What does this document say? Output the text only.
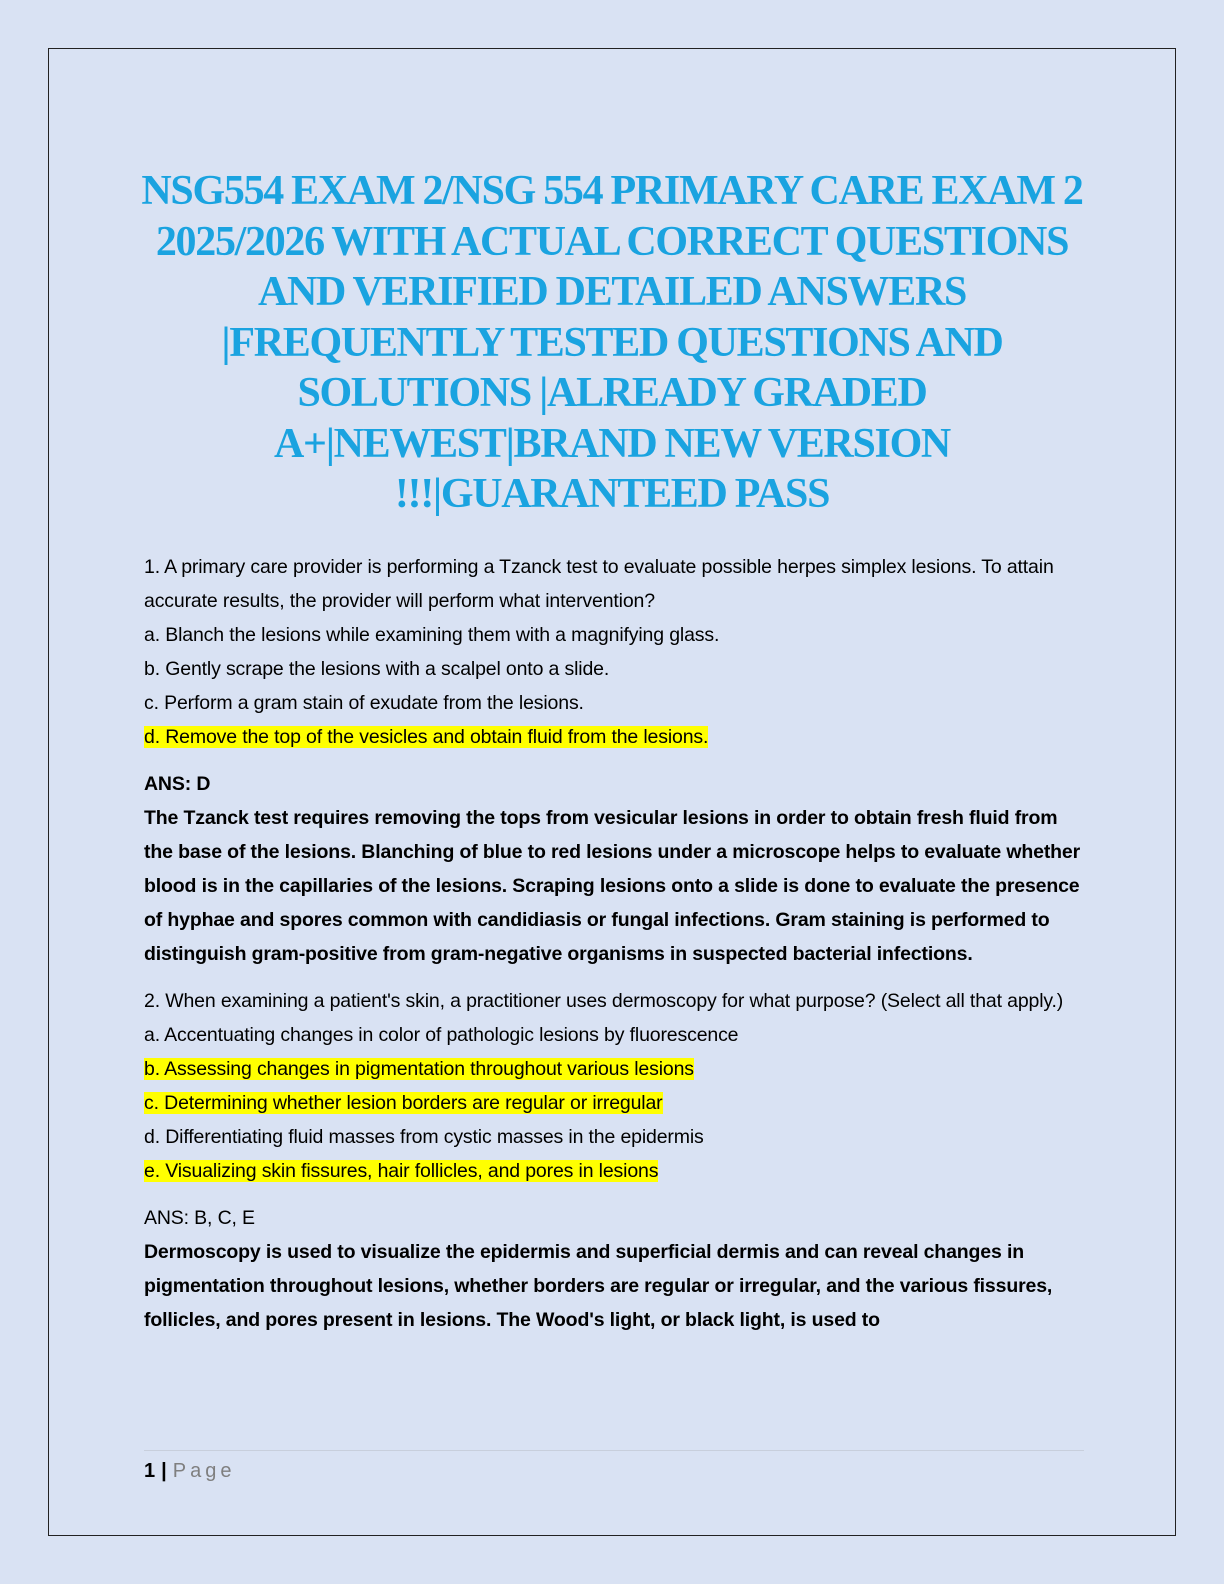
NSG554 EXAM 2/NSG 554 PRIMARY CARE EXAM 2 2025/2026 WITH ACTUAL CORRECT QUESTIONS AND VERIFIED DETAILED ANSWERS |FREQUENTLY TESTED QUESTIONS AND SOLUTIONS |ALREADY GRADED A+|NEWEST|BRAND NEW VERSION !!!|GUARANTEED PASS

1. A primary care provider is performing a Tzanck test to evaluate possible herpes simplex lesions. To attain accurate results, the provider will perform what intervention?

a. Blanch the lesions while examining them with a magnifying glass.

b. Gently scrape the lesions with a scalpel onto a slide.

c. Perform a gram stain of exudate from the lesions.

d. Remove the top of the vesicles and obtain fluid from the lesions.

ANS: D

The Tzanck test requires removing the tops from vesicular lesions in order to obtain fresh fluid from the base of the lesions. Blanching of blue to red lesions under a microscope helps to evaluate whether blood is in the capillaries of the lesions. Scraping lesions onto a slide is done to evaluate the presence of hyphae and spores common with candidiasis or fungal infections. Gram staining is performed to distinguish gram-positive from gram-negative organisms in suspected bacterial infections.

2. When examining a patient's skin, a practitioner uses dermoscopy for what purpose? (Select all that apply.)

a. Accentuating changes in color of pathologic lesions by fluorescence

b. Assessing changes in pigmentation throughout various lesions

c. Determining whether lesion borders are regular or irregular

d. Differentiating fluid masses from cystic masses in the epidermis

e. Visualizing skin fissures, hair follicles, and pores in lesions

ANS: B, C, E

Dermoscopy is used to visualize the epidermis and superficial dermis and can reveal changes in pigmentation throughout lesions, whether borders are regular or irregular, and the various fissures, follicles, and pores present in lesions. The Wood's light, or black light, is used to

1 | Page
